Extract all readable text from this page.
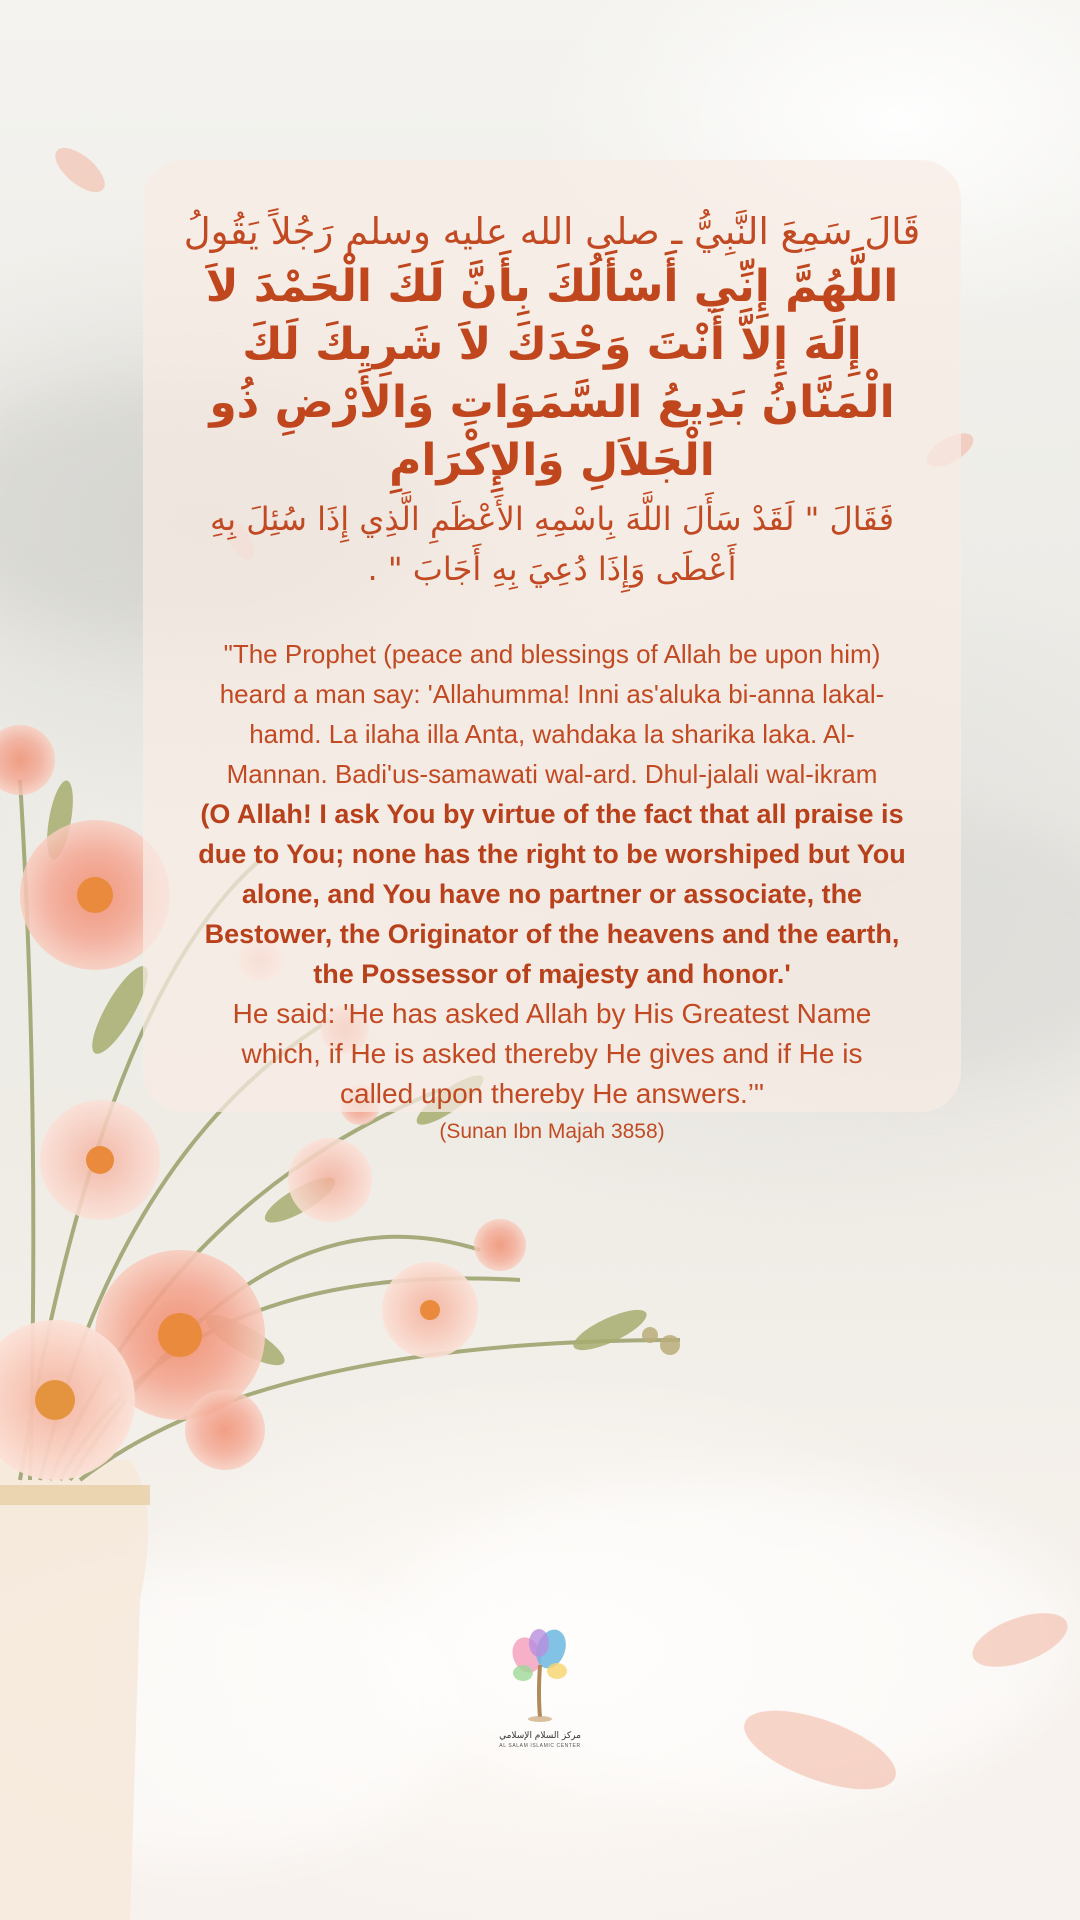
قَالَ سَمِعَ النَّبِيُّ ـ صلى الله عليه وسلم رَجُلاً يَقُولُ

اللَّهُمَّ إِنِّي أَسْأَلُكَ بِأَنَّ لَكَ الْحَمْدَ لاَ إِلَهَ إِلاَّ أَنْتَ وَحْدَكَ لاَ شَرِيكَ لَكَ الْمَنَّانُ بَدِيعُ السَّمَوَاتِ وَالأَرْضِ ذُو الْجَلاَلِ وَالإِكْرَامِ

فَقَالَ " لَقَدْ سَأَلَ اللَّهَ بِاسْمِهِ الأَعْظَمِ الَّذِي إِذَا سُئِلَ بِهِ أَعْطَى وَإِذَا دُعِيَ بِهِ أَجَابَ " .

"The Prophet (peace and blessings of Allah be upon him) heard a man say: 'Allahumma! Inni as'aluka bi-anna lakal-hamd. La ilaha illa Anta, wahdaka la sharika laka. Al-Mannan. Badi'us-samawati wal-ard. Dhul-jalali wal-ikram

(O Allah! I ask You by virtue of the fact that all praise is due to You; none has the right to be worshiped but You alone, and You have no partner or associate, the Bestower, the Originator of the heavens and the earth, the Possessor of majesty and honor.'

He said: 'He has asked Allah by His Greatest Name which, if He is asked thereby He gives and if He is called upon thereby He answers.’"

(Sunan Ibn Majah 3858)

مركز السلام الإسلامي
AL SALAM ISLAMIC CENTER
